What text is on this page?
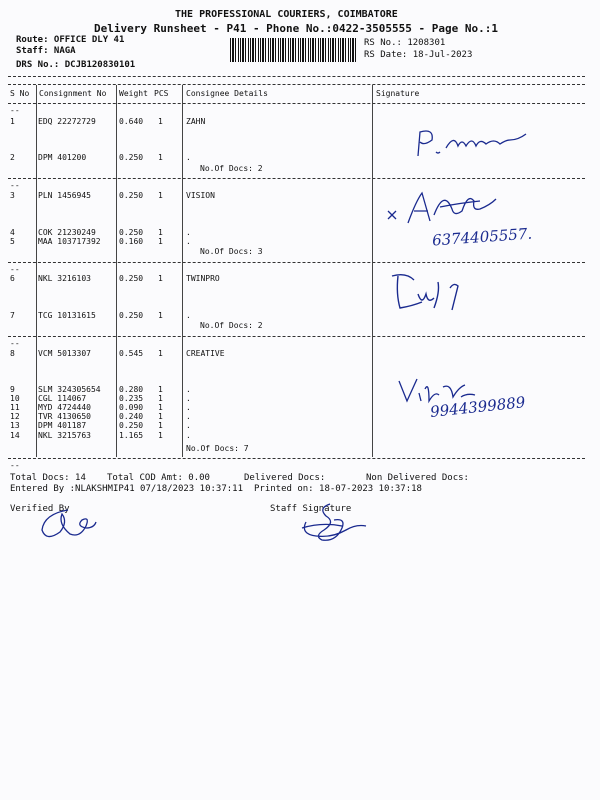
THE PROFESSIONAL COURIERS, COIMBATORE
Delivery Runsheet - P41 - Phone No.:0422-3505555 - Page No.:1
Route: OFFICE DLY 41
Staff: NAGA
DRS No.: DCJB120830101
RS No.: 1208301
RS Date: 18-Jul-2023
S No Consignment No Weight PCS Consignee Details	Signature
--
--
--
--
--
1	EDQ 22272729	0.640 1	ZAHN
2	DPM 401200	0.250 1	.
No.Of Docs: 2
3	PLN 1456945	0.250 1	VISION
4	COK 21230249	0.250 1	.
5	MAA 103717392 0.160 1	.
No.Of Docs: 3
6	NKL 3216103	0.250 1	TWINPRO
7	TCG 10131615	0.250 1	.
No.Of Docs: 2
8	VCM 5013307	0.545 1	CREATIVE
9	SLM 324305654 0.280 1	.
10 CGL 114067	0.235 1	.
11 MYD 4724440	0.090 1	.
12 TVR 4130650	0.240 1	.
13 DPM 401187	0.250 1	.
14 NKL 3215763	1.165 1	.
No.Of Docs: 7
6374405557.
9944399889
Total Docs: 14 Total COD Amt: 0.00	Delivered Docs:	Non Delivered Docs:
Entered By :NLAKSHMIP41 07/18/2023 10:37:11 Printed on: 18-07-2023 10:37:18
Verified By	Staff Signature
